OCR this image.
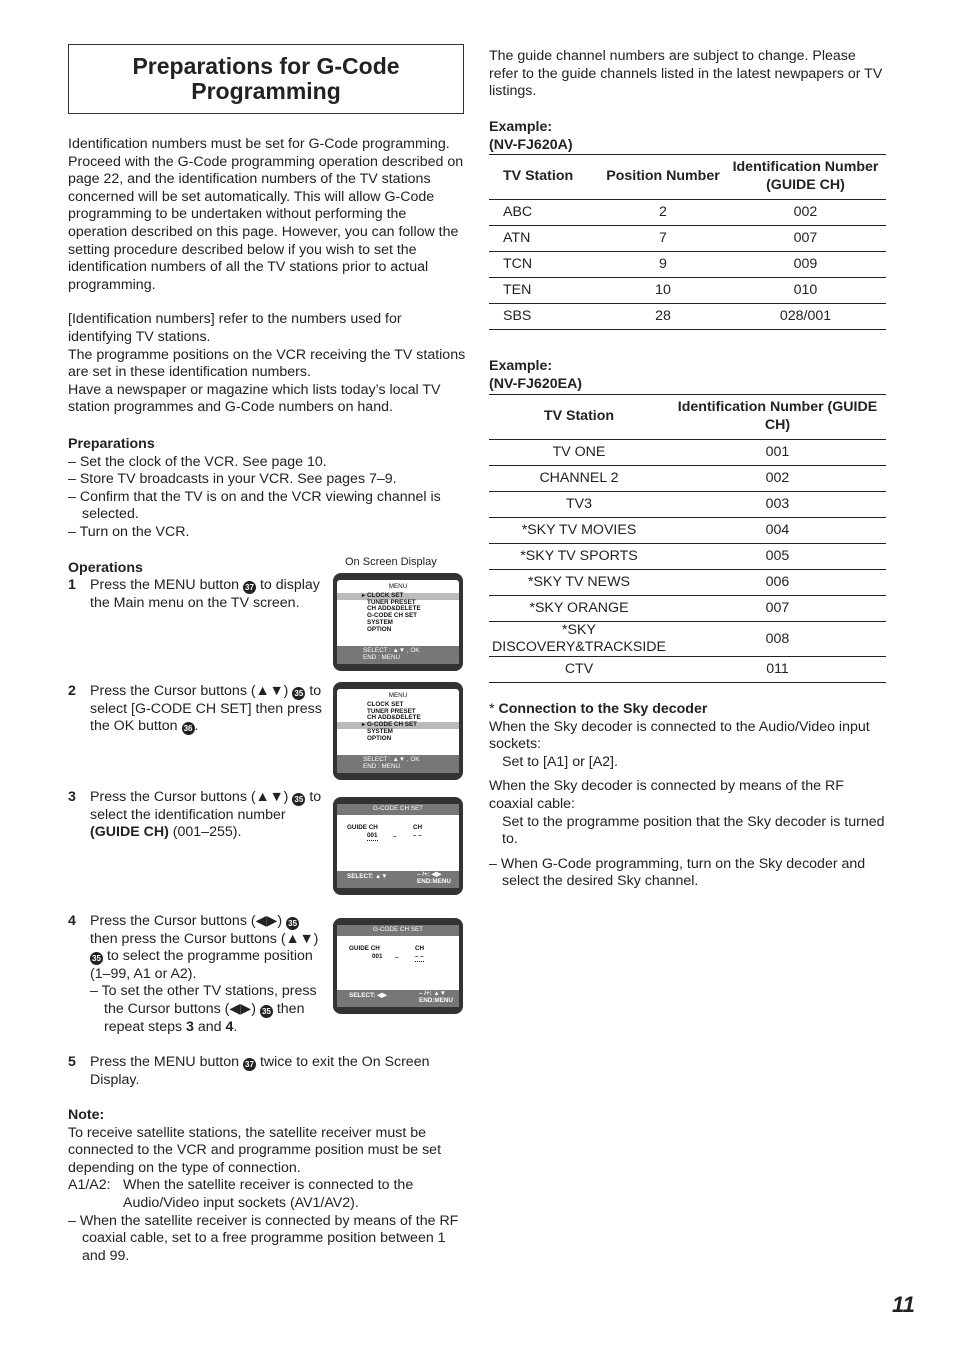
Preparations for G-Code Programming

Identification numbers must be set for G-Code programming. Proceed with the G-Code programming operation described on page 22, and the identification numbers of the TV stations concerned will be set automatically. This will allow G-Code programming to be undertaken without performing the operation described on this page. However, you can follow the setting procedure described below if you wish to set the identification numbers of all the TV stations prior to actual programming.

[Identification numbers] refer to the numbers used for identifying TV stations.

The programme positions on the VCR receiving the TV stations are set in these identification numbers.

Have a newspaper or magazine which lists today’s local TV station programmes and G-Code numbers on hand.

Preparations
– Set the clock of the VCR. See page 10.
– Store TV broadcasts in your VCR. See pages 7–9.
– Confirm that the TV is on and the VCR viewing channel is selected.
– Turn on the VCR.
Operations	On Screen Display
1 Press the MENU button 37 to display the Main menu on the TV screen.
2 Press the Cursor buttons (▲▼) 35 to select [G-CODE CH SET] then press the OK button 36 .
3 Press the Cursor buttons (▲▼) 35 to select the identification number (GUIDE CH) (001–255).
4 Press the Cursor buttons (◀▶) 35 then press the Cursor buttons (▲▼) 35 to select the programme position (1–99, A1 or A2).
– To set the other TV stations, press the Cursor buttons (◀▶) 35 then repeat steps 3 and 4.
5 Press the MENU button 37 twice to exit the On Screen Display.
MENU
▸ CLOCK SET
TUNER PRESET
CH ADD&DELETE
G-CODE CH SET
SYSTEM
OPTION
SELECT : ▲▼ , OK
END : MENU
MENU
CLOCK SET
TUNER PRESET
CH ADD&DELETE
▸ G-CODE CH SET
SYSTEM
OPTION
SELECT : ▲▼ , OK
END : MENU
G-CODE CH SET
GUIDE CH	CH
001 –	– –
SELECT: ▲▼	– /+: ◀▶
END:MENU
G-CODE CH SET
GUIDE CH	CH
001 –	– –
SELECT: ◀▶	– /+: ▲▼
END:MENU
Note:
To receive satellite stations, the satellite receiver must be connected to the VCR and programme position must be set depending on the type of connection.
A1/A2: When the satellite receiver is connected to the Audio/Video input sockets (AV1/AV2).
– When the satellite receiver is connected by means of the RF coaxial cable, set to a free programme position between 1 and 99.
The guide channel numbers are subject to change. Please refer to the guide channels listed in the latest newpapers or TV listings.
Example:
(NV-FJ620A)
TV Station	Position Number	Identification Number (GUIDE CH)
ABC	2	002
ATN	7	007
TCN	9	009
TEN	10	010
SBS	28	028/001
Example:
(NV-FJ620EA)
TV Station	Identification Number (GUIDE CH)
TV ONE	001
CHANNEL 2	002
TV3	003
*SKY TV MOVIES	004
*SKY TV SPORTS	005
*SKY TV NEWS	006
*SKY ORANGE	007
*SKY DISCOVERY&TRACKSIDE	008
CTV	011
* Connection to the Sky decoder
When the Sky decoder is connected to the Audio/Video input sockets:
Set to [A1] or [A2].
When the Sky decoder is connected by means of the RF coaxial cable:
Set to the programme position that the Sky decoder is turned to.
– When G-Code programming, turn on the Sky decoder and select the desired Sky channel.
11
